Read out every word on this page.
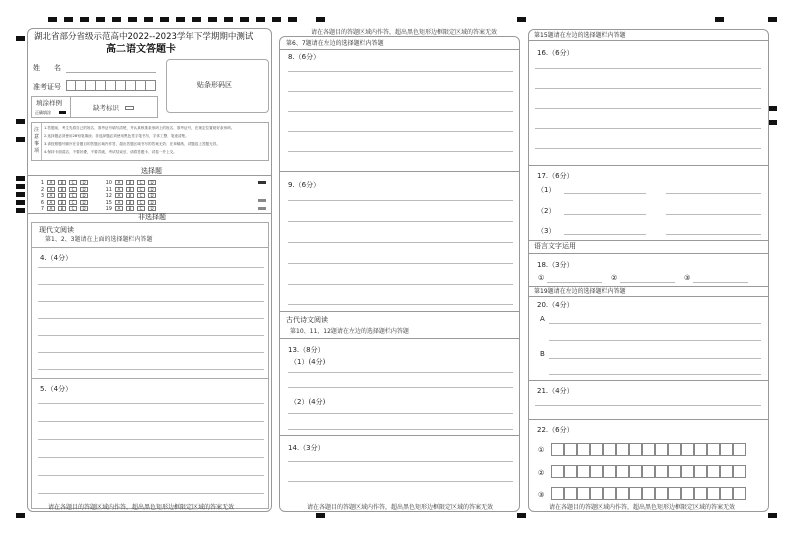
湖北省部分省级示范高中2022--2023学年下学期期中测试
高二语文答题卡
姓　　名
准考证号
填涂样例
正确填涂
缺考标识
贴条形码区
注意事项
1.答题前，考生先将自己的姓名、准考证号填写清楚，并认真核准条形码上的姓名、准考证号，在规定位置贴好条形码。
2.选择题必须使用2B铅笔填涂；非选择题必须使用黑色签字笔书写，字体工整、笔迹清楚。
3.请按照题号顺序在各题目的答题区域内作答，超出答题区域书写的答案无效；在草稿纸、试题卷上答题无效。
4.保持卡面清洁，不要折叠，不要弄破，考试结束后，请将答题卡、试卷一并上交。
选择题
1 A B C D
2 A B C D
3 A B C D
6 A B C D
7 A B C D
10 A B C D
11 A B C D
12 A B C D
15 A B C D
19 A B C D
非选择题
现代文阅读
第1、2、3题请在上面的选择题栏内答题
4.（4分）
5.（4分）
请在各题目的答题区域内作答，超出黑色矩形边框限定区域的答案无效
请在各题目的答题区域内作答，超出黑色矩形边框限定区域的答案无效
第6、7题请在左边的选择题栏内答题
8.（6分）
9.（6分）
古代诗文阅读
第10、11、12题请在左边的选择题栏内答题
13.（8分）
（1）(4分)
（2）(4分)
14.（3分）
请在各题目的答题区域内作答，超出黑色矩形边框限定区域的答案无效
第15题请在左边的选择题栏内答题
16.（6分）
17.（6分）
（1）
（2）
（3）
语言文字运用
18.（3分）
①	②	③
第19题请在左边的选择题栏内答题
20.（4分）
A
B
21.（4分）
22.（6分）
①
②
③
请在各题目的答题区域内作答，超出黑色矩形边框限定区域的答案无效
